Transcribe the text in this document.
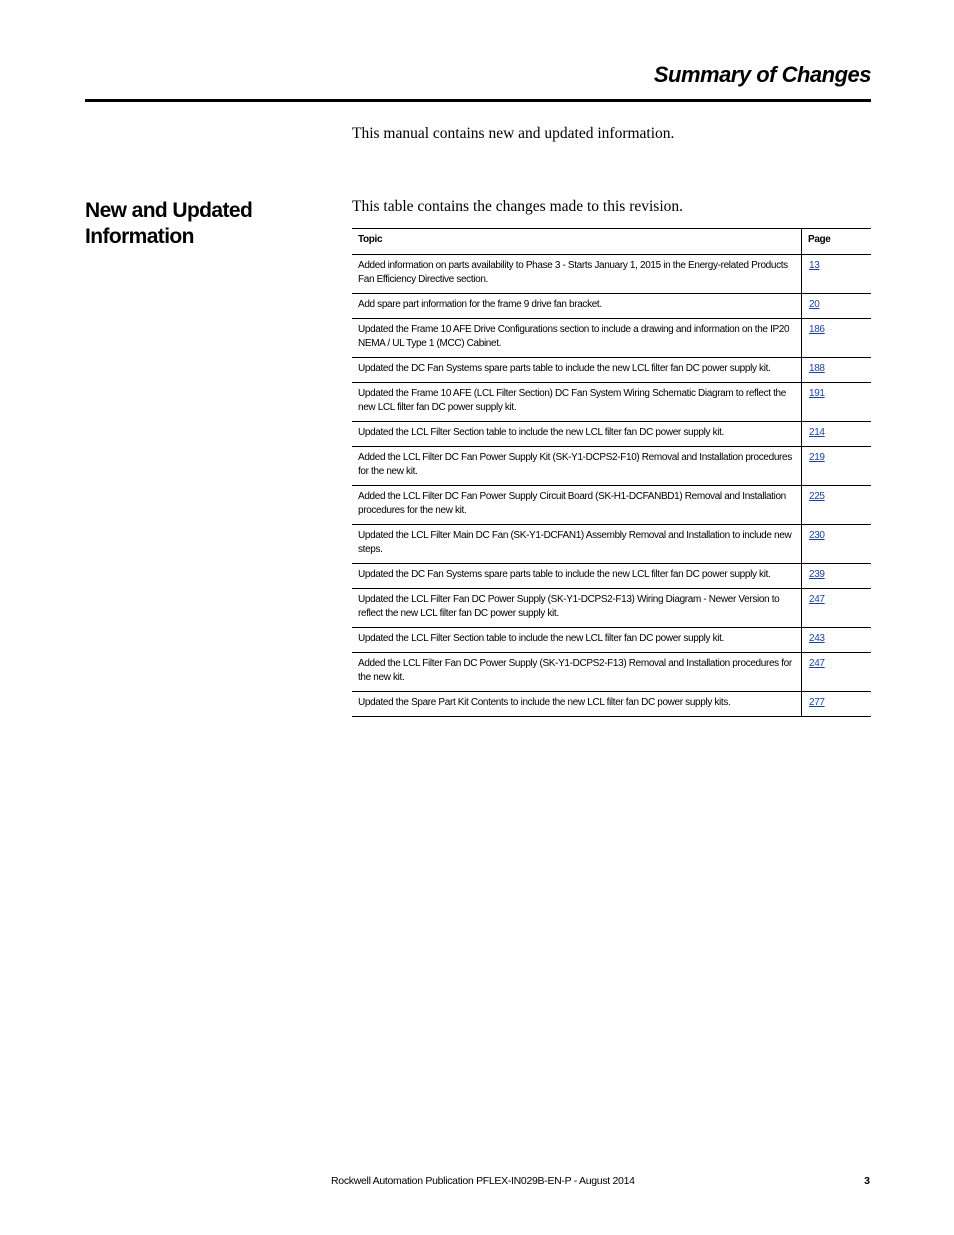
Summary of Changes

This manual contains new and updated information.

New and Updated Information

This table contains the changes made to this revision.

Topic	Page
Added information on parts availability to Phase 3 - Starts January 1, 2015 in the Energy-related Products Fan Efficiency Directive section.	13
Add spare part information for the frame 9 drive fan bracket.	20
Updated the Frame 10 AFE Drive Configurations section to include a drawing and information on the IP20 NEMA / UL Type 1 (MCC) Cabinet.	186
Updated the DC Fan Systems spare parts table to include the new LCL filter fan DC power supply kit.	188
Updated the Frame 10 AFE (LCL Filter Section) DC Fan System Wiring Schematic Diagram to reflect the new LCL filter fan DC power supply kit.	191
Updated the LCL Filter Section table to include the new LCL filter fan DC power supply kit.	214
Added the LCL Filter DC Fan Power Supply Kit (SK-Y1-DCPS2-F10) Removal and Installation procedures for the new kit.	219
Added the LCL Filter DC Fan Power Supply Circuit Board (SK-H1-DCFANBD1) Removal and Installation procedures for the new kit.	225
Updated the LCL Filter Main DC Fan (SK-Y1-DCFAN1) Assembly Removal and Installation to include new steps.	230
Updated the DC Fan Systems spare parts table to include the new LCL filter fan DC power supply kit.	239
Updated the LCL Filter Fan DC Power Supply (SK-Y1-DCPS2-F13) Wiring Diagram - Newer Version to reflect the new LCL filter fan DC power supply kit.	247
Updated the LCL Filter Section table to include the new LCL filter fan DC power supply kit.	243
Added the LCL Filter Fan DC Power Supply (SK-Y1-DCPS2-F13) Removal and Installation procedures for the new kit.	247
Updated the Spare Part Kit Contents to include the new LCL filter fan DC power supply kits.	277

Rockwell Automation Publication PFLEX-IN029B-EN-P - August 2014	3
